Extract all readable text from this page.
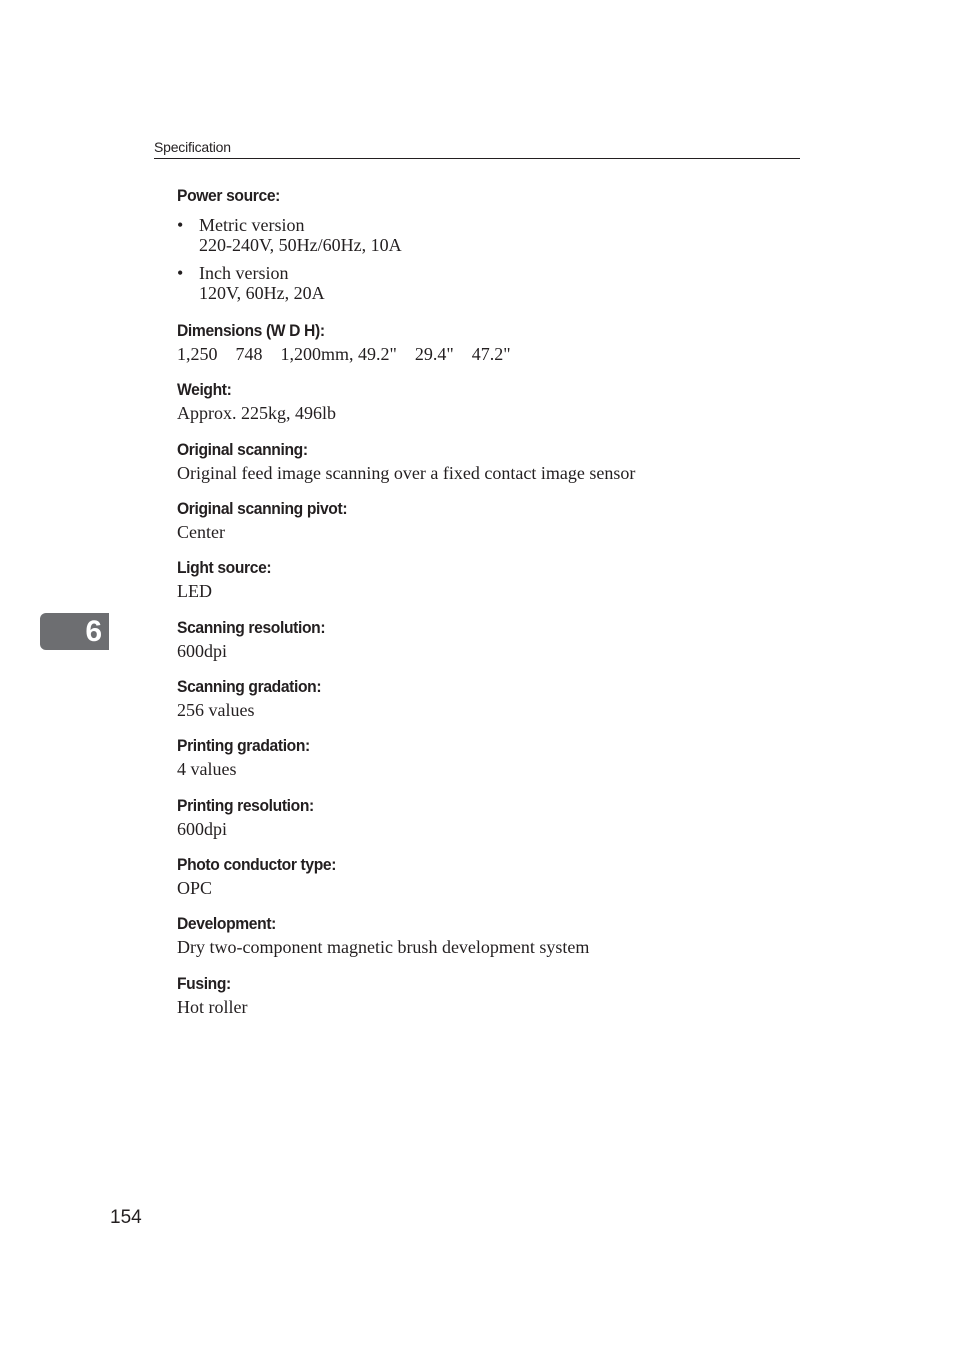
Specification
6
Power source:
• Metric version
220-240V, 50Hz/60Hz, 10A
• Inch version
120V, 60Hz, 20A
Dimensions (W D H):
1,250    748    1,200mm, 49.2"    29.4"    47.2"
Weight:
Approx. 225kg, 496lb
Original scanning:
Original feed image scanning over a fixed contact image sensor
Original scanning pivot:
Center
Light source:
LED
Scanning resolution:
600dpi
Scanning gradation:
256 values
Printing gradation:
4 values
Printing resolution:
600dpi
Photo conductor type:
OPC
Development:
Dry two-component magnetic brush development system
Fusing:
Hot roller
154
